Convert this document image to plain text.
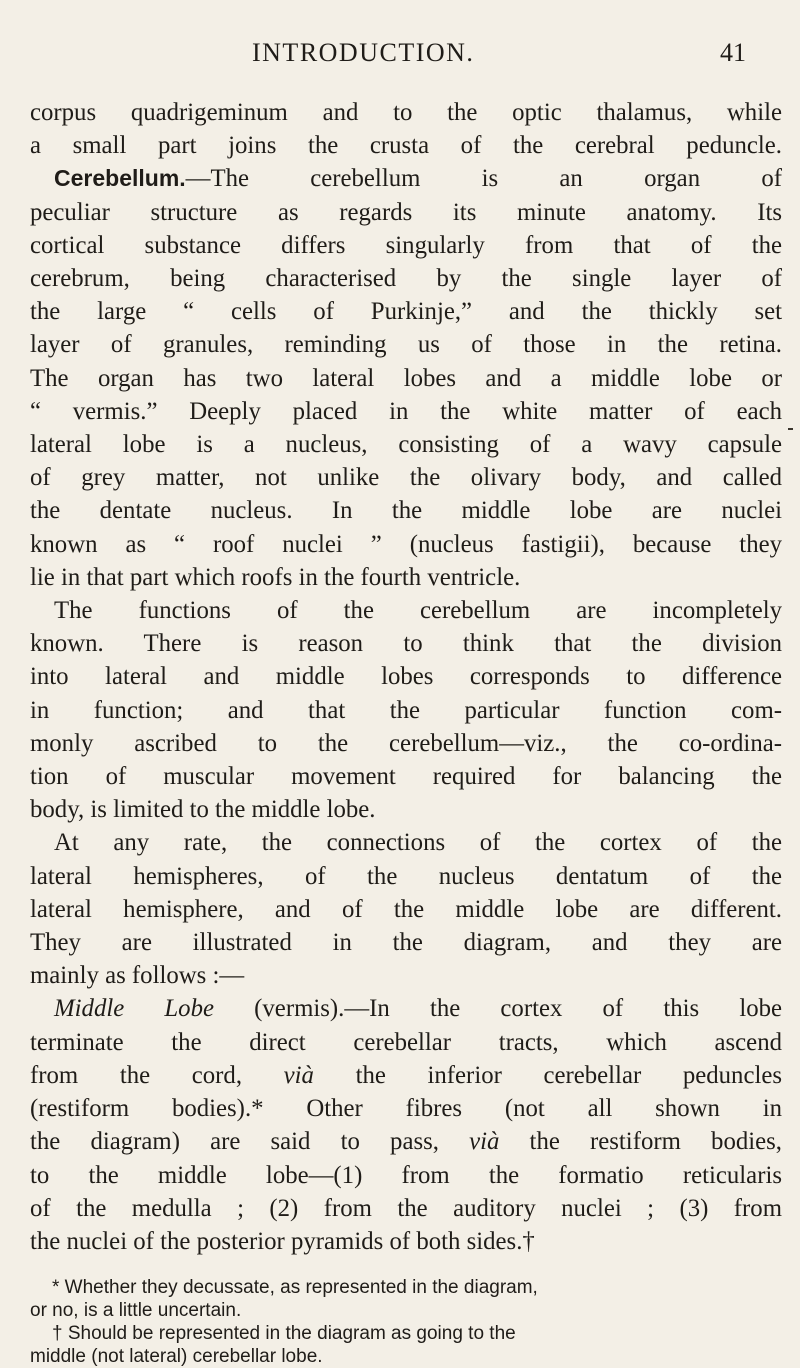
INTRODUCTION.	41

corpus quadrigeminum and to the optic thalamus, while
a small part joins the crusta of the cerebral peduncle.

Cerebellum.—The cerebellum is an organ of
peculiar structure as regards its minute anatomy. Its
cortical substance differs singularly from that of the
cerebrum, being characterised by the single layer of
the large “ cells of Purkinje,” and the thickly set
layer of granules, reminding us of those in the retina.
The organ has two lateral lobes and a middle lobe or
“ vermis.” Deeply placed in the white matter of each
lateral lobe is a nucleus, consisting of a wavy capsule
of grey matter, not unlike the olivary body, and called
the dentate nucleus. In the middle lobe are nuclei
known as “ roof nuclei ” (nucleus fastigii), because they
lie in that part which roofs in the fourth ventricle.

The functions of the cerebellum are incompletely
known. There is reason to think that the division
into lateral and middle lobes corresponds to difference
in function; and that the particular function com-
monly ascribed to the cerebellum—viz., the co-ordina-
tion of muscular movement required for balancing the
body, is limited to the middle lobe.

At any rate, the connections of the cortex of the
lateral hemispheres, of the nucleus dentatum of the
lateral hemisphere, and of the middle lobe are different.
They are illustrated in the diagram, and they are
mainly as follows :—

Middle Lobe (vermis).—In the cortex of this lobe
terminate the direct cerebellar tracts, which ascend
from the cord, vià the inferior cerebellar peduncles
(restiform bodies).* Other fibres (not all shown in
the diagram) are said to pass, vià the restiform bodies,
to the middle lobe—(1) from the formatio reticularis
of the medulla ; (2) from the auditory nuclei ; (3) from
the nuclei of the posterior pyramids of both sides.†

* Whether they decussate, as represented in the diagram,
or no, is a little uncertain.
† Should be represented in the diagram as going to the
middle (not lateral) cerebellar lobe.
